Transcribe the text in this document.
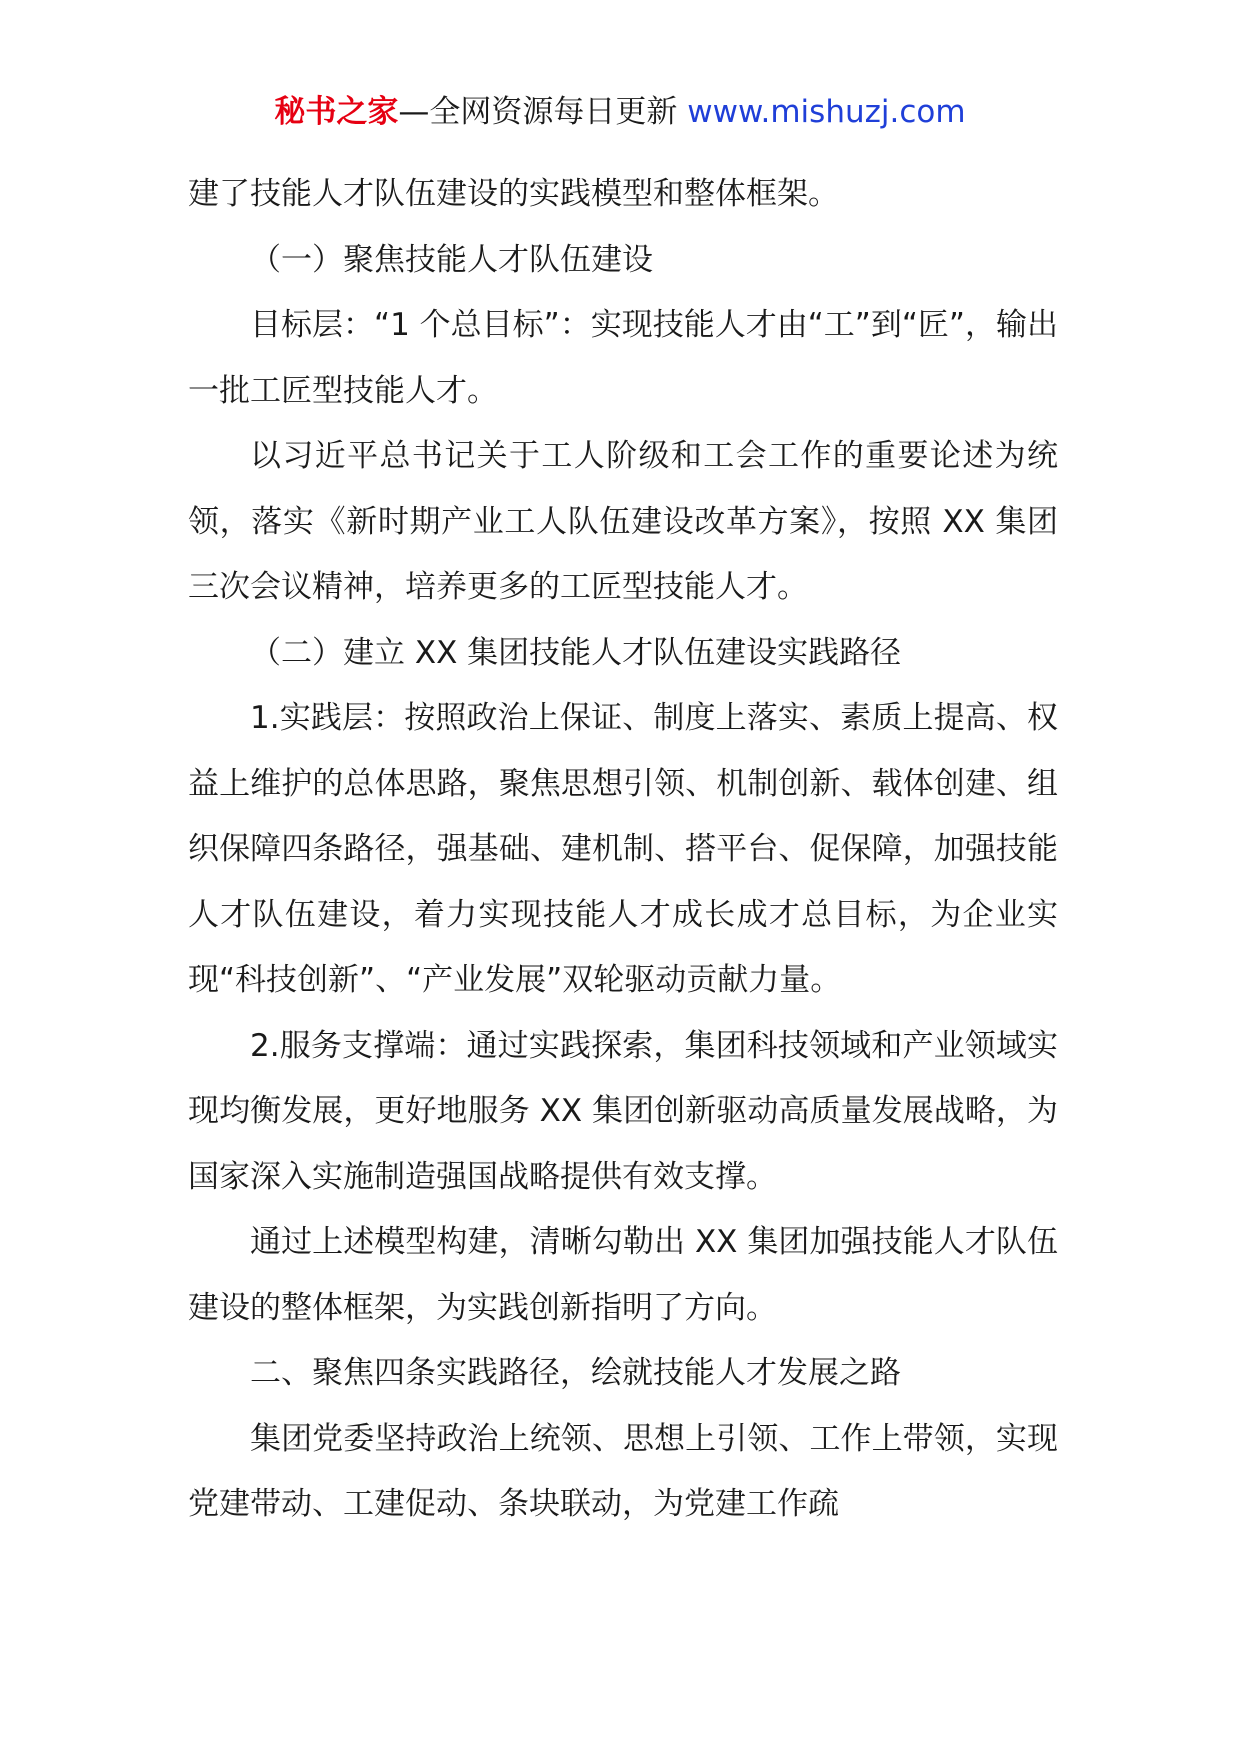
秘书之家—全网资源每日更新 www.mishuzj.com

建了技能人才队伍建设的实践模型和整体框架。

（一）聚焦技能人才队伍建设

目标层：“1 个总目标”：实现技能人才由“工”到“匠”，输出一批工匠型技能人才。

以习近平总书记关于工人阶级和工会工作的重要论述为统领，落实《新时期产业工人队伍建设改革方案》，按照 XX 集团三次会议精神，培养更多的工匠型技能人才。

（二）建立 XX 集团技能人才队伍建设实践路径

1.实践层：按照政治上保证、制度上落实、素质上提高、权益上维护的总体思路，聚焦思想引领、机制创新、载体创建、组织保障四条路径，强基础、建机制、搭平台、促保障，加强技能人才队伍建设，着力实现技能人才成长成才总目标，为企业实现“科技创新”、“产业发展”双轮驱动贡献力量。

2.服务支撑端：通过实践探索，集团科技领域和产业领域实现均衡发展，更好地服务 XX 集团创新驱动高质量发展战略，为国家深入实施制造强国战略提供有效支撑。

通过上述模型构建，清晰勾勒出 XX 集团加强技能人才队伍建设的整体框架，为实践创新指明了方向。

二、聚焦四条实践路径，绘就技能人才发展之路

集团党委坚持政治上统领、思想上引领、工作上带领，实现党建带动、工建促动、条块联动，为党建工作疏
